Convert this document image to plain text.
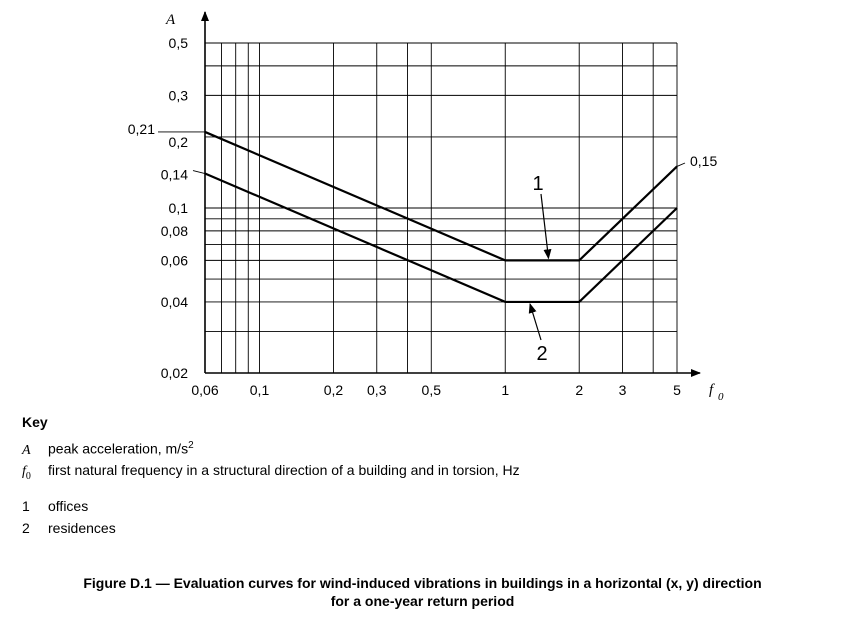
A
f 0
0,06 0,1	0,2 0,3	0,5	1	2	3	5
0,02
0,04
0,06
0,08
0,1
0,14
0,2
0,21
0,3
0,5
0,15
1
2
Key
A	peak acceleration, $m/s^2$
$f_0$	first natural frequency in a structural direction of a building and in torsion, Hz
1	offices
2	residences
Figure D.1 — Evaluation curves for wind-induced vibrations in buildings in a horizontal (x, y) direction
for a one-year return period
